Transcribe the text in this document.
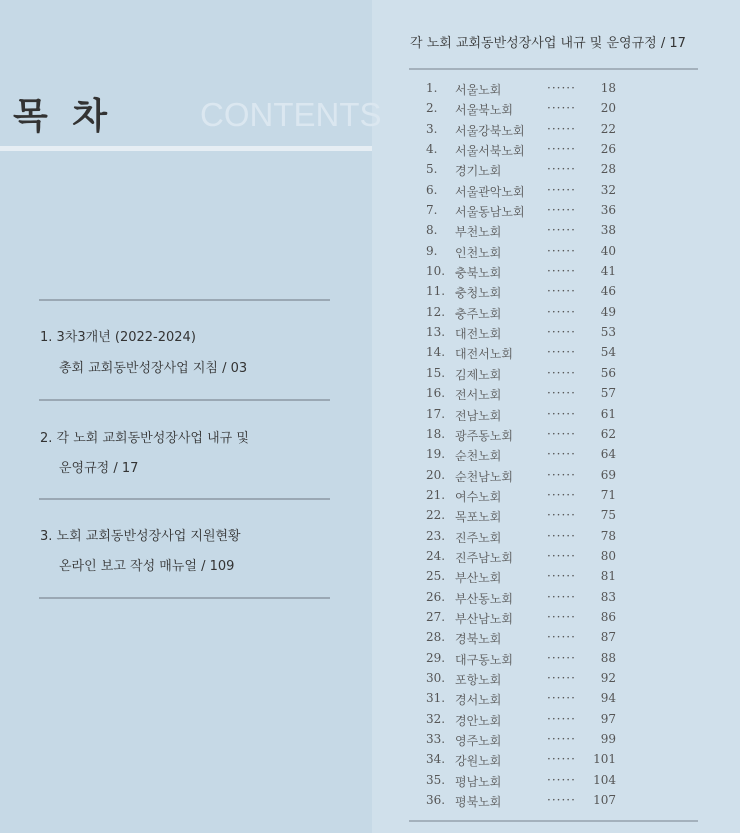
목 차	CONTENTS
1. 3차3개년 (2022-2024)
총회 교회동반성장사업 지침 / 03
2. 각 노회 교회동반성장사업 내규 및
운영규정 / 17
3. 노회 교회동반성장사업 지원현황
온라인 보고 작성 매뉴얼 / 109
각 노회 교회동반성장사업 내규 및 운영규정 / 17
1. 서울노회	······	18
2. 서울북노회	······	20
3. 서울강북노회 ······	22
4. 서울서북노회 ······	26
5. 경기노회	······	28
6. 서울관악노회 ······	32
7. 서울동남노회 ······	36
8. 부천노회	······	38
9. 인천노회	······	40
10. 충북노회	······	41
11. 충청노회	······	46
12. 충주노회	······	49
13. 대전노회	······	53
14. 대전서노회	······	54
15. 김제노회	······	56
16. 전서노회	······	57
17. 전남노회	······	61
18. 광주동노회	······	62
19. 순천노회	······	64
20. 순천남노회	······	69
21. 여수노회	······	71
22. 목포노회	······	75
23. 진주노회	······	78
24. 진주남노회	······	80
25. 부산노회	······	81
26. 부산동노회	······	83
27. 부산남노회	······	86
28. 경북노회	······	87
29. 대구동노회	······	88
30. 포항노회	······	92
31. 경서노회	······	94
32. 경안노회	······	97
33. 영주노회	······	99
34. 강원노회	······ 101
35. 평남노회	······ 104
36. 평북노회	······ 107
